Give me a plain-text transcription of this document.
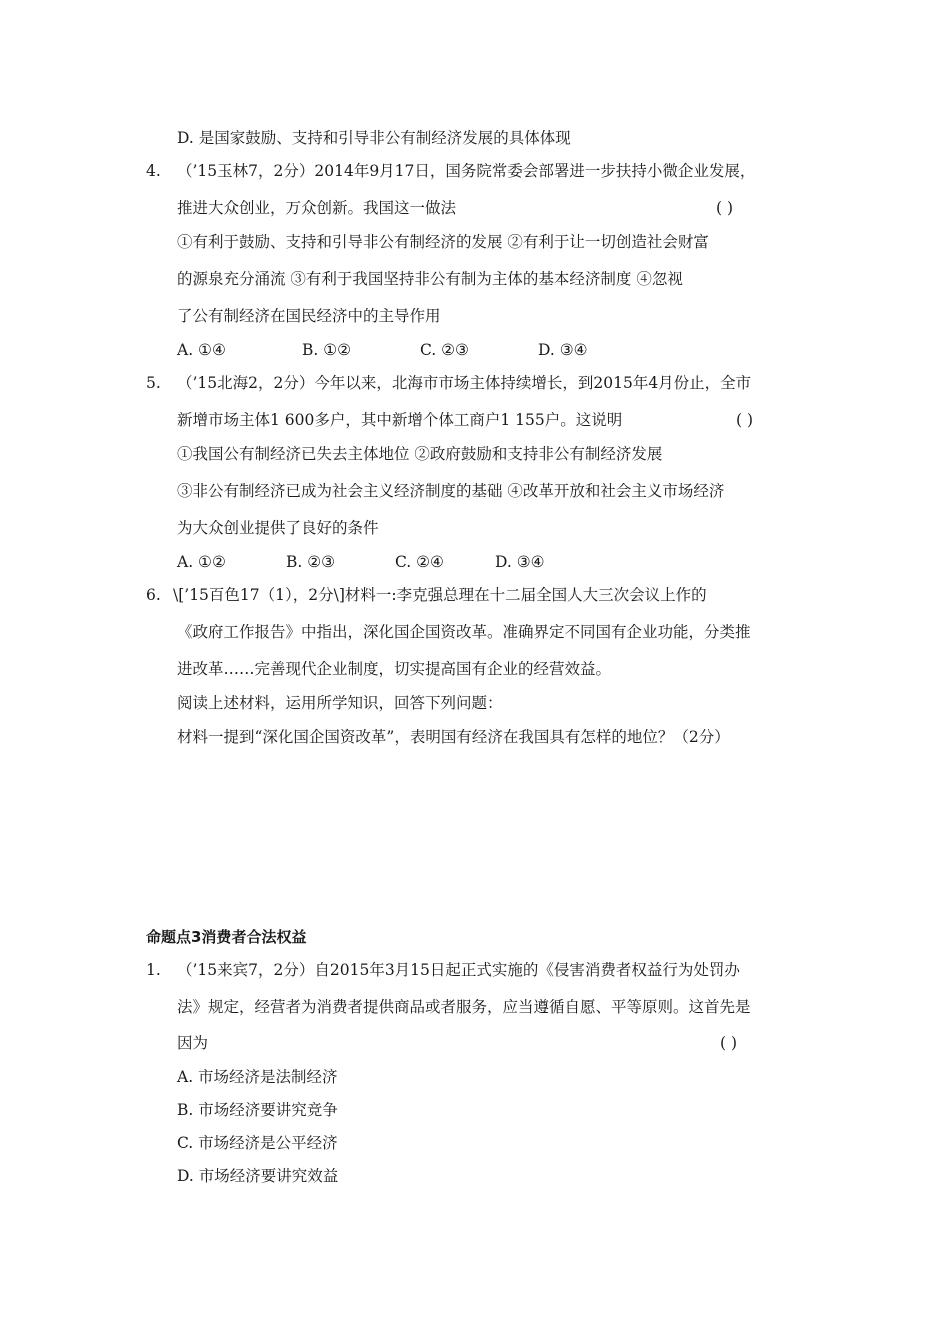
D. 是国家鼓励、支持和引导非公有制经济发展的具体体现
4. （’15玉林7，2分）2014年9月17日，国务院常委会部署进一步扶持小微企业发展，
推进大众创业，万众创新。我国这一做法	( )
①有利于鼓励、支持和引导非公有制经济的发展 ②有利于让一切创造社会财富
的源泉充分涌流 ③有利于我国坚持非公有制为主体的基本经济制度 ④忽视
了公有制经济在国民经济中的主导作用
A. ①④	B. ①②	C. ②③	D. ③④
5. （’15北海2，2分）今年以来，北海市市场主体持续增长，到2015年4月份止，全市
新增市场主体1 600多户，其中新增个体工商户1 155户。这说明	( )
①我国公有制经济已失去主体地位 ②政府鼓励和支持非公有制经济发展
③非公有制经济已成为社会主义经济制度的基础 ④改革开放和社会主义市场经济
为大众创业提供了良好的条件
A. ①②	B. ②③	C. ②④	D. ③④
6. \[’15百色17（1），2分\]材料一:李克强总理在十二届全国人大三次会议上作的
《政府工作报告》中指出，深化国企国资改革。准确界定不同国有企业功能，分类推
进改革……完善现代企业制度，切实提高国有企业的经营效益。
阅读上述材料，运用所学知识，回答下列问题：
材料一提到“深化国企国资改革”，表明国有经济在我国具有怎样的地位？（2分）
命题点3消费者合法权益
1. （’15来宾7，2分）自2015年3月15日起正式实施的《侵害消费者权益行为处罚办
法》规定，经营者为消费者提供商品或者服务，应当遵循自愿、平等原则。这首先是
因为	( )
A. 市场经济是法制经济
B. 市场经济要讲究竞争
C. 市场经济是公平经济
D. 市场经济要讲究效益
